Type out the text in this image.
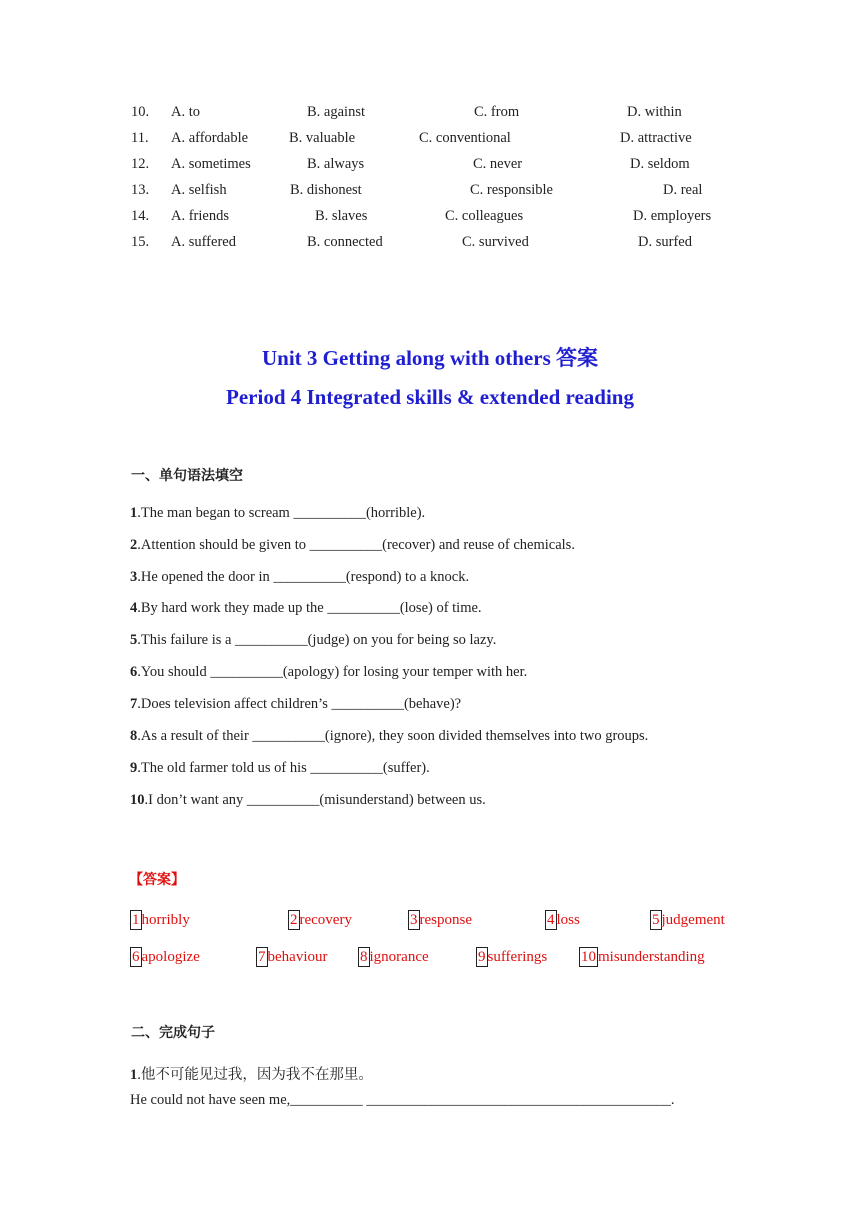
10. A. to	B. against	C. from	D. within
11. A. affordable	B. valuable	C. conventional	D. attractive
12. A. sometimes	B. always	C. never	D. seldom
13. A. selfish	B. dishonest	C. responsible	D. real
14. A. friends	B. slaves	C. colleagues	D. employers
15. A. suffered	B. connected	C. survived	D. surfed
Unit 3 Getting along with others 答案
Period 4 Integrated skills & extended reading
一、单句语法填空
1.The man began to scream __________(horrible).
2.Attention should be given to __________(recover) and reuse of chemicals.
3.He opened the door in __________(respond) to a knock.
4.By hard work they made up the __________(lose) of time.
5.This failure is a __________(judge) on you for being so lazy.
6.You should __________(apology) for losing your temper with her.
7.Does television affect children’s __________(behave)?
8.As a result of their __________(ignore), they soon divided themselves into two groups.
9.The old farmer told us of his __________(suffer).
10.I don’t want any __________(misunderstand) between us.
【答案】
1 horribly	2 recovery	3 response	4 loss	5 judgement
6 apologize	7 behaviour 8 ignorance	9 sufferings 10 misunderstanding
二、完成句子
1.他不可能见过我，因为我不在那里。
He could not have seen me,__________ __________________________________________.
